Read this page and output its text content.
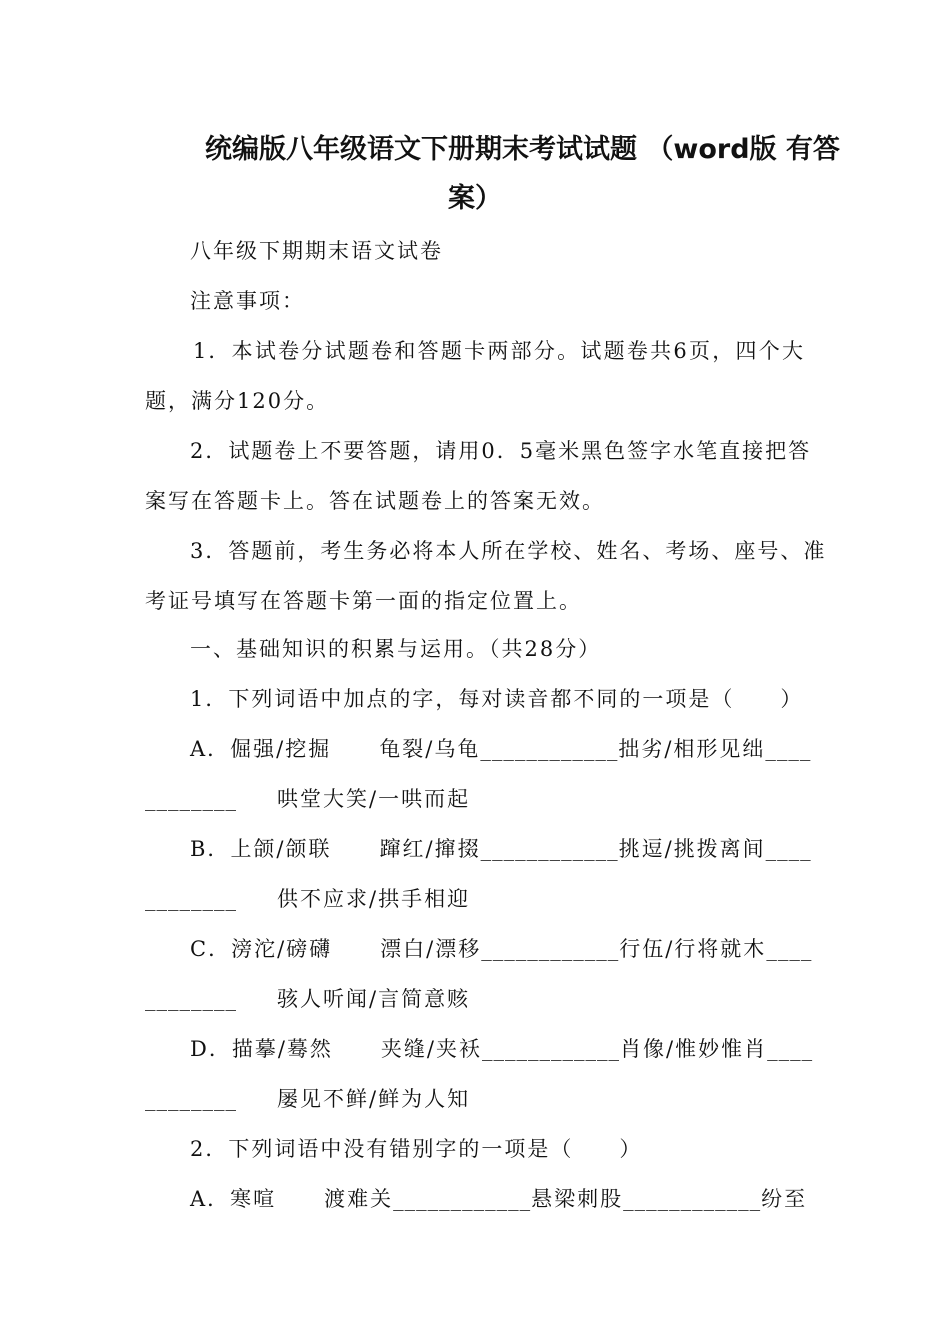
统编版八年级语文下册期末考试试题 （word版 有答
案）
八年级下期期末语文试卷
注意事项：
1． 本 试 卷 分 试 题 卷 和 答 题 卡 两 部 分 。 试 题 卷 共 6 页 ， 四 个 大
题，满分120分。
2． 试 题 卷 上 不 要 答 题 ， 请 用 0． 5 毫 米 黑 色 签 字 水 笔 直 接 把 答
案写在答题卡上。答在试题卷上的答案无效。
3． 答 题 前 ， 考 生 务 必 将 本 人 所 在 学 校 、 姓 名 、 考 场 、 座 号 、 准
考证号填写在答题卡第一面的指定位置上。
一、基础知识的积累与运用。（共28分）
1．下列词语中加点的字，每对读音都不同的一项是（　　）
A．倔强/挖掘 龟裂/乌龟____________ 拙劣/相形见绌____
________ 哄堂大笑/一哄而起
B．上颌/颌联 蹿红/撺掇____________ 挑逗/挑拨离间____
________ 供不应求/拱手相迎
C．滂沱/磅礴 漂白/漂移____________ 行伍/行将就木____
________ 骇人听闻/言简意赅
D．描摹/蓦然 夹缝/夹袄____________ 肖像/惟妙惟肖____
________ 屡见不鲜/鲜为人知
2．下列词语中没有错别字的一项是（　　）
A．寒喧 渡难关____________ 悬梁刺股____________ 纷至
